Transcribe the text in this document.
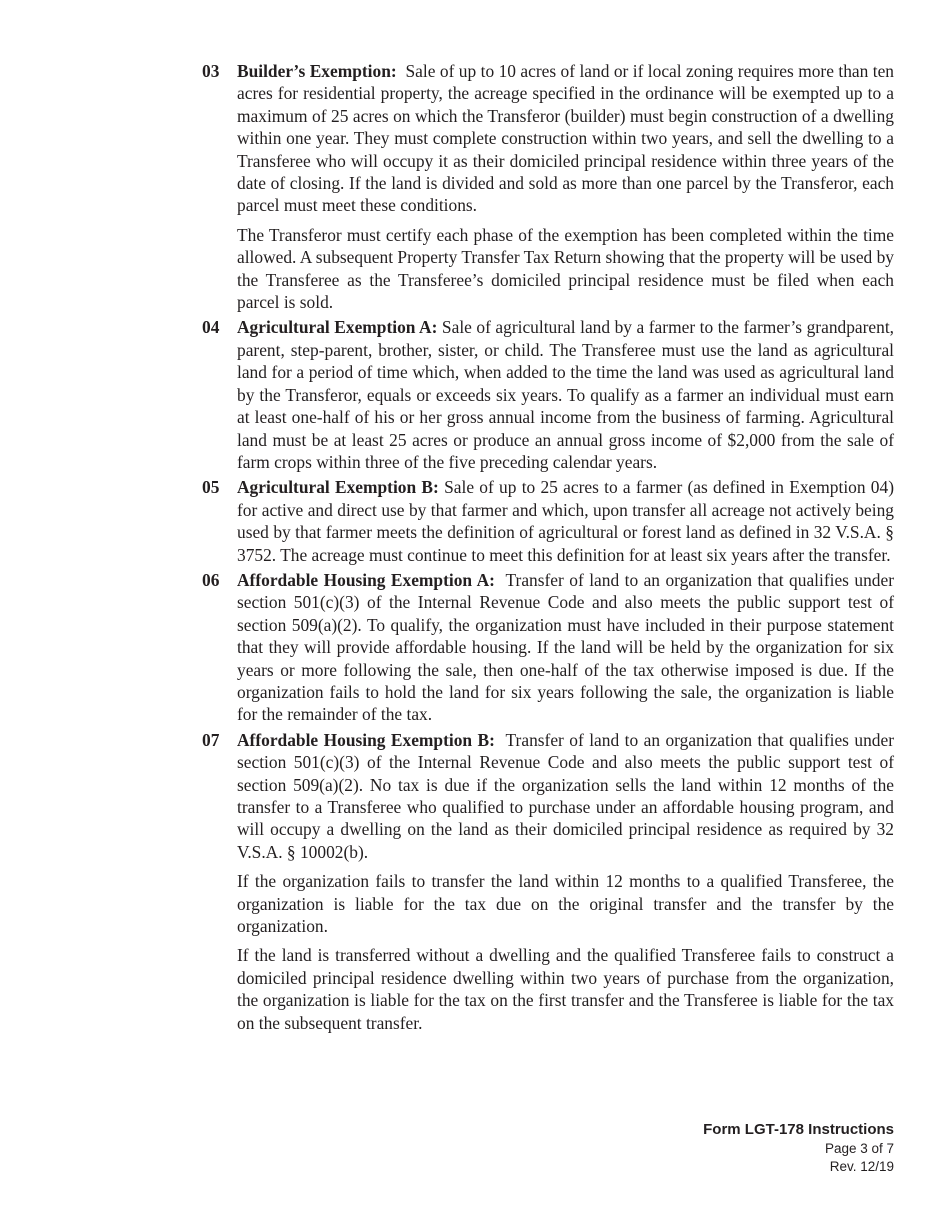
03	Builder’s Exemption: Sale of up to 10 acres of land or if local zoning requires more than ten acres for residential property, the acreage specified in the ordinance will be exempted up to a maximum of 25 acres on which the Transferor (builder) must begin construction of a dwelling within one year. They must complete construction within two years, and sell the dwelling to a Transferee who will occupy it as their domiciled principal residence within three years of the date of closing. If the land is divided and sold as more than one parcel by the Transferor, each parcel must meet these conditions.

The Transferor must certify each phase of the exemption has been completed within the time allowed. A subsequent Property Transfer Tax Return showing that the property will be used by the Transferee as the Transferee’s domiciled principal residence must be filed when each parcel is sold.

04	Agricultural Exemption A: Sale of agricultural land by a farmer to the farmer’s grandparent, parent, step-parent, brother, sister, or child. The Transferee must use the land as agricultural land for a period of time which, when added to the time the land was used as agricultural land by the Transferor, equals or exceeds six years. To qualify as a farmer an individual must earn at least one-half of his or her gross annual income from the business of farming. Agricultural land must be at least 25 acres or produce an annual gross income of $2,000 from the sale of farm crops within three of the five preceding calendar years.

05	Agricultural Exemption B: Sale of up to 25 acres to a farmer (as defined in Exemption 04) for active and direct use by that farmer and which, upon transfer all acreage not actively being used by that farmer meets the definition of agricultural or forest land as defined in 32 V.S.A. § 3752. The acreage must continue to meet this definition for at least six years after the transfer.

06	Affordable Housing Exemption A: Transfer of land to an organization that qualifies under section 501(c)(3) of the Internal Revenue Code and also meets the public support test of section 509(a)(2). To qualify, the organization must have included in their purpose statement that they will provide affordable housing. If the land will be held by the organization for six years or more following the sale, then one-half of the tax otherwise imposed is due. If the organization fails to hold the land for six years following the sale, the organization is liable for the remainder of the tax.

07	Affordable Housing Exemption B: Transfer of land to an organization that qualifies under section 501(c)(3) of the Internal Revenue Code and also meets the public support test of section 509(a)(2). No tax is due if the organization sells the land within 12 months of the transfer to a Transferee who qualified to purchase under an affordable housing program, and will occupy a dwelling on the land as their domiciled principal residence as required by 32 V.S.A. § 10002(b).

If the organization fails to transfer the land within 12 months to a qualified Transferee, the organization is liable for the tax due on the original transfer and the transfer by the organization.

If the land is transferred without a dwelling and the qualified Transferee fails to construct a domiciled principal residence dwelling within two years of purchase from the organization, the organization is liable for the tax on the first transfer and the Transferee is liable for the tax on the subsequent transfer.

Form LGT-178 Instructions
Page 3 of 7
Rev. 12/19
